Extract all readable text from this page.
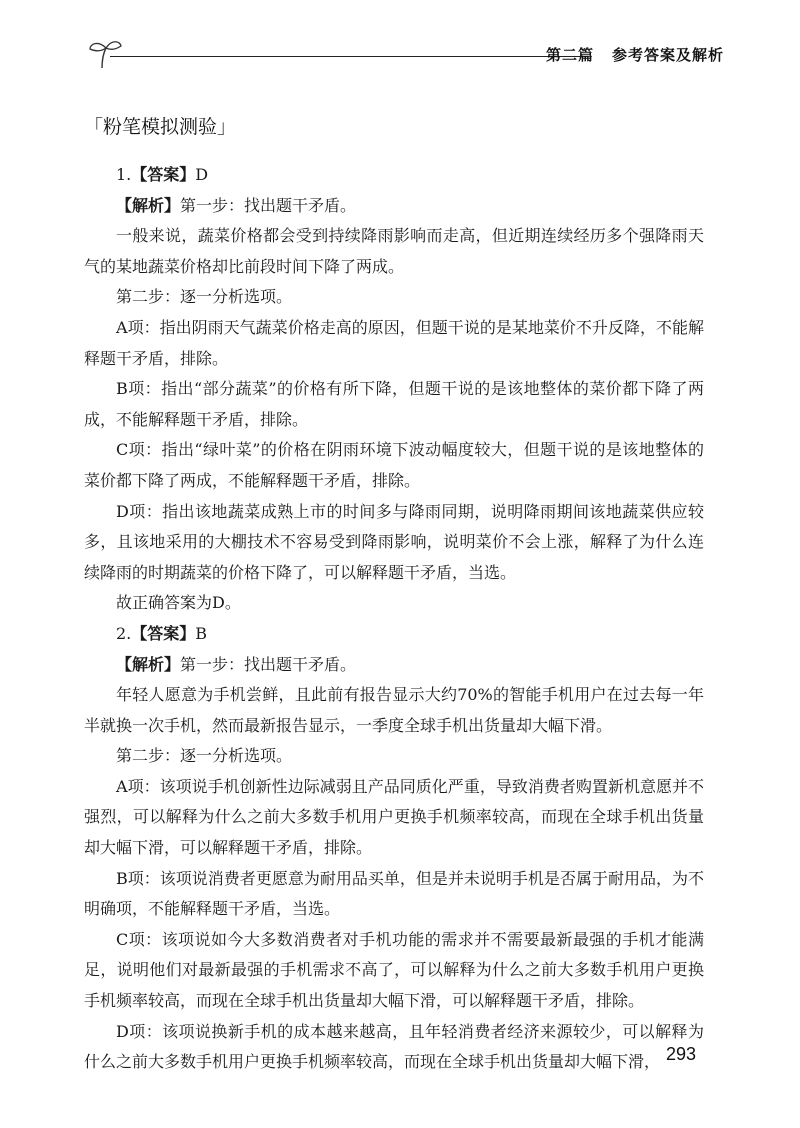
第二篇 参考答案及解析
「粉笔模拟测验」

1.【答案】D

【解析】第一步：找出题干矛盾。

一般来说，蔬菜价格都会受到持续降雨影响而走高，但近期连续经历多个强降雨天气的某地蔬菜价格却比前段时间下降了两成。

第二步：逐一分析选项。

A项：指出阴雨天气蔬菜价格走高的原因，但题干说的是某地菜价不升反降，不能解释题干矛盾，排除。

B项：指出“部分蔬菜”的价格有所下降，但题干说的是该地整体的菜价都下降了两成，不能解释题干矛盾，排除。

C项：指出“绿叶菜”的价格在阴雨环境下波动幅度较大，但题干说的是该地整体的菜价都下降了两成，不能解释题干矛盾，排除。

D项：指出该地蔬菜成熟上市的时间多与降雨同期，说明降雨期间该地蔬菜供应较多，且该地采用的大棚技术不容易受到降雨影响，说明菜价不会上涨，解释了为什么连续降雨的时期蔬菜的价格下降了，可以解释题干矛盾，当选。

故正确答案为D。

2.【答案】B

【解析】第一步：找出题干矛盾。

年轻人愿意为手机尝鲜，且此前有报告显示大约70%的智能手机用户在过去每一年半就换一次手机，然而最新报告显示，一季度全球手机出货量却大幅下滑。

第二步：逐一分析选项。

A项：该项说手机创新性边际减弱且产品同质化严重，导致消费者购置新机意愿并不强烈，可以解释为什么之前大多数手机用户更换手机频率较高，而现在全球手机出货量却大幅下滑，可以解释题干矛盾，排除。

B项：该项说消费者更愿意为耐用品买单，但是并未说明手机是否属于耐用品，为不明确项，不能解释题干矛盾，当选。

C项：该项说如今大多数消费者对手机功能的需求并不需要最新最强的手机才能满足，说明他们对最新最强的手机需求不高了，可以解释为什么之前大多数手机用户更换手机频率较高，而现在全球手机出货量却大幅下滑，可以解释题干矛盾，排除。

D项：该项说换新手机的成本越来越高，且年轻消费者经济来源较少，可以解释为什么之前大多数手机用户更换手机频率较高，而现在全球手机出货量却大幅下滑， 293
